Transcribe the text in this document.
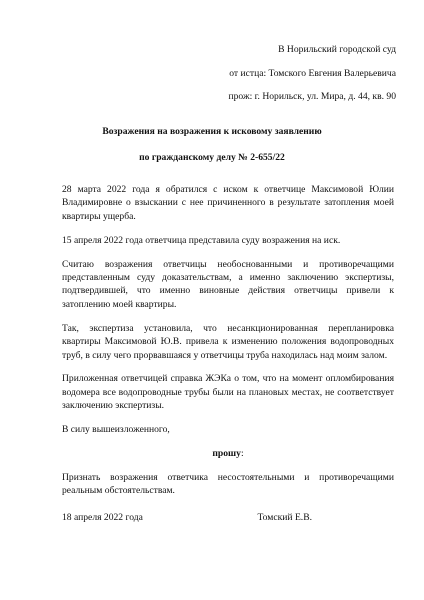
В Норильский городской суд
от истца: Томского Евгения Валерьевича
прож: г. Норильск, ул. Мира, д. 44, кв. 90
Возражения на возражения к исковому заявлению
по гражданскому делу № 2-655/22

28 марта 2022 года я обратился с иском к ответчице Максимовой Юлии Владимировне о взыскании с нее причиненного в результате затопления моей квартиры ущерба.

15 апреля 2022 года ответчица представила суду возражения на иск.

Считаю возражения ответчицы необоснованными и противоречащими представленным суду доказательствам, а именно заключению экспертизы, подтвердившей, что именно виновные действия ответчицы привели к затоплению моей квартиры.

Так, экспертиза установила, что несанкционированная перепланировка квартиры Максимовой Ю.В. привела к изменению положения водопроводных труб, в силу чего прорвавшаяся у ответчицы труба находилась над моим залом.

Приложенная ответчицей справка ЖЭКа о том, что на момент опломбирования водомера все водопроводные трубы были на плановых местах, не соответствует заключению экспертизы.

В силу вышеизложенного,

прошу:

Признать возражения ответчика несостоятельными и противоречащими реальным обстоятельствам.

18 апреля 2022 года	Томский Е.В.
